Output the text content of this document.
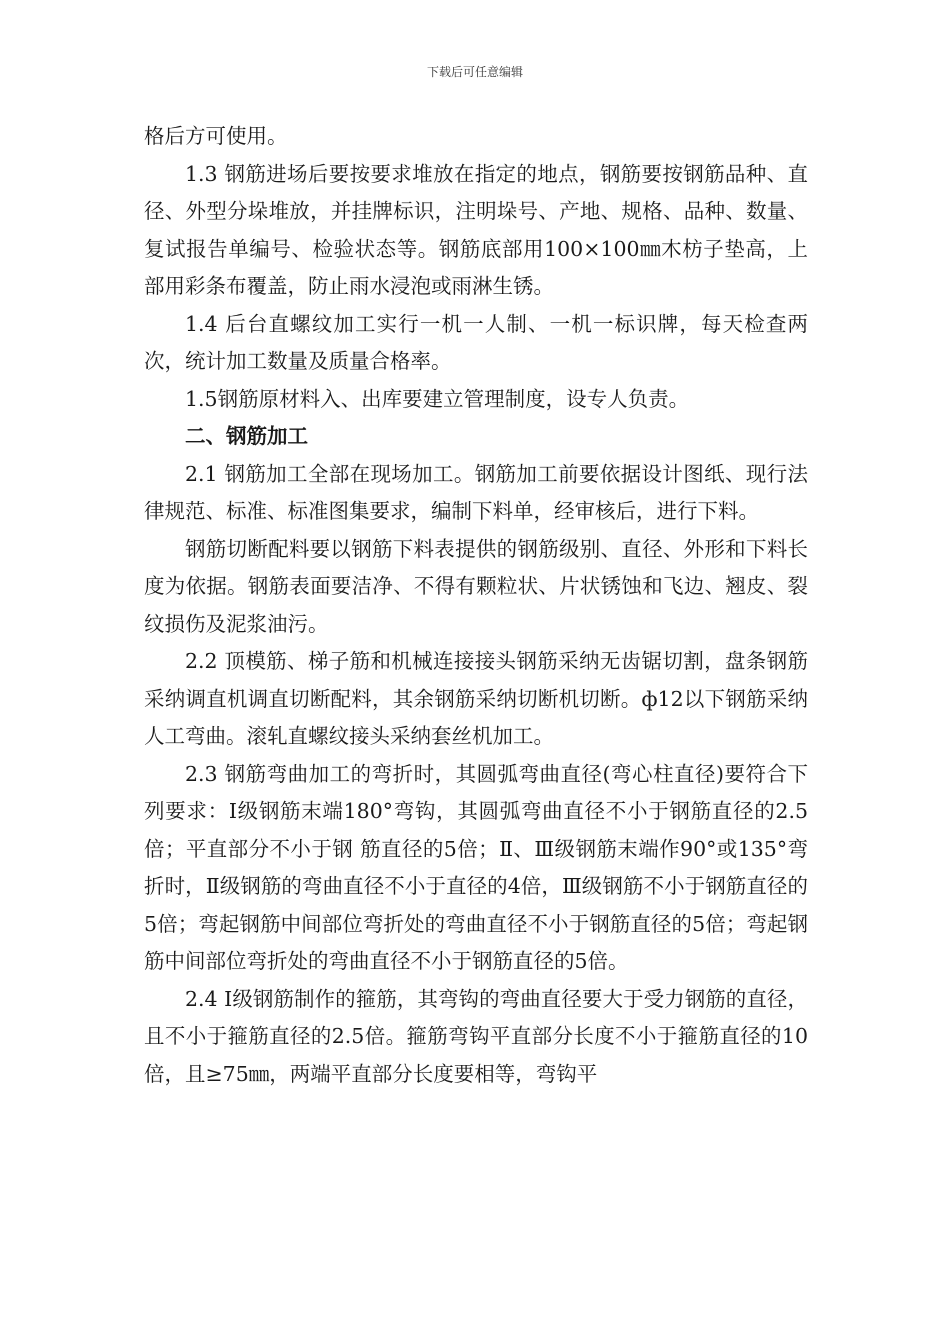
下载后可任意编辑

格后方可使用。

1.3 钢筋进场后要按要求堆放在指定的地点，钢筋要按钢筋品种、直径、外型分垛堆放，并挂牌标识，注明垛号、产地、规格、品种、数量、复试报告单编号、检验状态等。钢筋底部用100×100㎜木枋子垫高，上部用彩条布覆盖，防止雨水浸泡或雨淋生锈。

1.4 后台直螺纹加工实行一机一人制、一机一标识牌，每天检查两次，统计加工数量及质量合格率。

1.5钢筋原材料入、出库要建立管理制度，设专人负责。

二、钢筋加工

2.1 钢筋加工全部在现场加工。钢筋加工前要依据设计图纸、现行法律规范、标准、标准图集要求，编制下料单，经审核后，进行下料。

钢筋切断配料要以钢筋下料表提供的钢筋级别、直径、外形和下料长度为依据。钢筋表面要洁净、不得有颗粒状、片状锈蚀和飞边、翘皮、裂纹损伤及泥浆油污。

2.2 顶模筋、梯子筋和机械连接接头钢筋采纳无齿锯切割，盘条钢筋采纳调直机调直切断配料，其余钢筋采纳切断机切断。ф12以下钢筋采纳人工弯曲。滚轧直螺纹接头采纳套丝机加工。

2.3 钢筋弯曲加工的弯折时，其圆弧弯曲直径(弯心柱直径)要符合下列要求：Ⅰ级钢筋末端180°弯钩，其圆弧弯曲直径不小于钢筋直径的2.5倍；平直部分不小于钢 筋直径的5倍；Ⅱ、Ⅲ级钢筋末端作90°或135°弯折时，Ⅱ级钢筋的弯曲直径不小于直径的4倍，Ⅲ级钢筋不小于钢筋直径的5倍；弯起钢筋中间部位弯折处的弯曲直径不小于钢筋直径的5倍；弯起钢筋中间部位弯折处的弯曲直径不小于钢筋直径的5倍。

2.4 Ⅰ级钢筋制作的箍筋，其弯钩的弯曲直径要大于受力钢筋的直径，且不小于箍筋直径的2.5倍。箍筋弯钩平直部分长度不小于箍筋直径的10倍，且≥75㎜，两端平直部分长度要相等，弯钩平
